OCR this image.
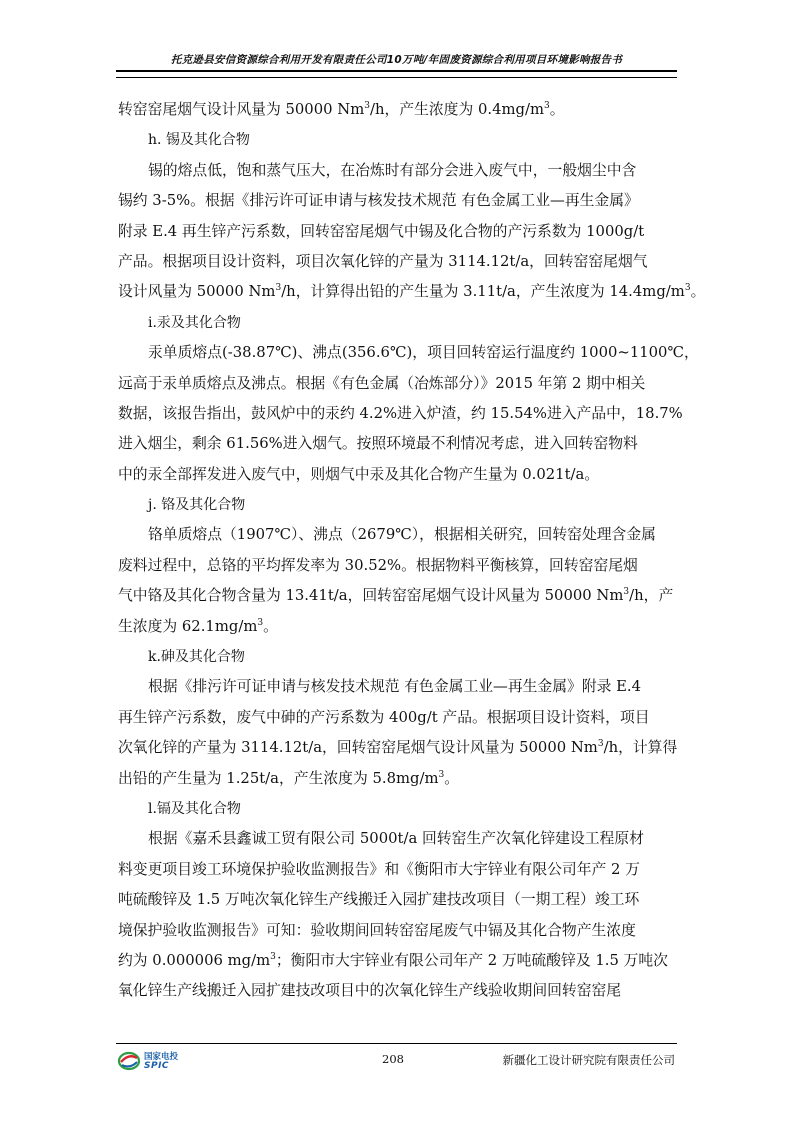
托克逊县安信资源综合利用开发有限责任公司10万吨/年固废资源综合利用项目环境影响报告书
转窑窑尾烟气设计风量为 50000 Nm$^3$/h，产生浓度为 $0.4mg/m^3$。
h. 锡及其化合物
锡的熔点低，饱和蒸气压大，在冶炼时有部分会进入废气中，一般烟尘中含
锡约 3-5%。根据《排污许可证申请与核发技术规范 有色金属工业—再生金属》
附录 E.4 再生锌产污系数，回转窑窑尾烟气中锡及化合物的产污系数为 1000g/t
产品。根据项目设计资料，项目次氧化锌的产量为 3114.12t/a，回转窑窑尾烟气
设计风量为 50000 Nm$^3$/h，计算得出铅的产生量为 3.11t/a，产生浓度为 $14.4mg/m^3$。
i.汞及其化合物
汞单质熔点(-38.87℃)、沸点(356.6℃)，项目回转窑运行温度约 1000~1100℃，
远高于汞单质熔点及沸点。根据《有色金属（冶炼部分）》2015 年第 2 期中相关
数据，该报告指出，鼓风炉中的汞约 4.2%进入炉渣，约 15.54%进入产品中，18.7%
进入烟尘，剩余 61.56%进入烟气。按照环境最不利情况考虑，进入回转窑物料
中的汞全部挥发进入废气中，则烟气中汞及其化合物产生量为 0.021t/a。
j. 铬及其化合物
铬单质熔点（1907℃）、沸点（2679℃），根据相关研究，回转窑处理含金属
废料过程中，总铬的平均挥发率为 30.52%。根据物料平衡核算，回转窑窑尾烟
气中铬及其化合物含量为 13.41t/a，回转窑窑尾烟气设计风量为 50000 Nm$^3$/h，产
生浓度为 $62.1mg/m^3$。
k.砷及其化合物
根据《排污许可证申请与核发技术规范 有色金属工业—再生金属》附录 E.4
再生锌产污系数，废气中砷的产污系数为 400g/t 产品。根据项目设计资料，项目
次氧化锌的产量为 3114.12t/a，回转窑窑尾烟气设计风量为 50000 Nm$^3$/h，计算得
出铅的产生量为 1.25t/a，产生浓度为 $5.8mg/m^3$。
l.镉及其化合物
根据《嘉禾县鑫诚工贸有限公司 5000t/a 回转窑生产次氧化锌建设工程原材
料变更项目竣工环境保护验收监测报告》和《衡阳市大宇锌业有限公司年产 2 万
吨硫酸锌及 1.5 万吨次氧化锌生产线搬迁入园扩建技改项目（一期工程）竣工环
境保护验收监测报告》可知：验收期间回转窑窑尾废气中镉及其化合物产生浓度
约为 0.000006 $mg/m^3$；衡阳市大宇锌业有限公司年产 2 万吨硫酸锌及 1.5 万吨次
氧化锌生产线搬迁入园扩建技改项目中的次氧化锌生产线验收期间回转窑窑尾
国家电投
SPIC	208	新疆化工设计研究院有限责任公司
